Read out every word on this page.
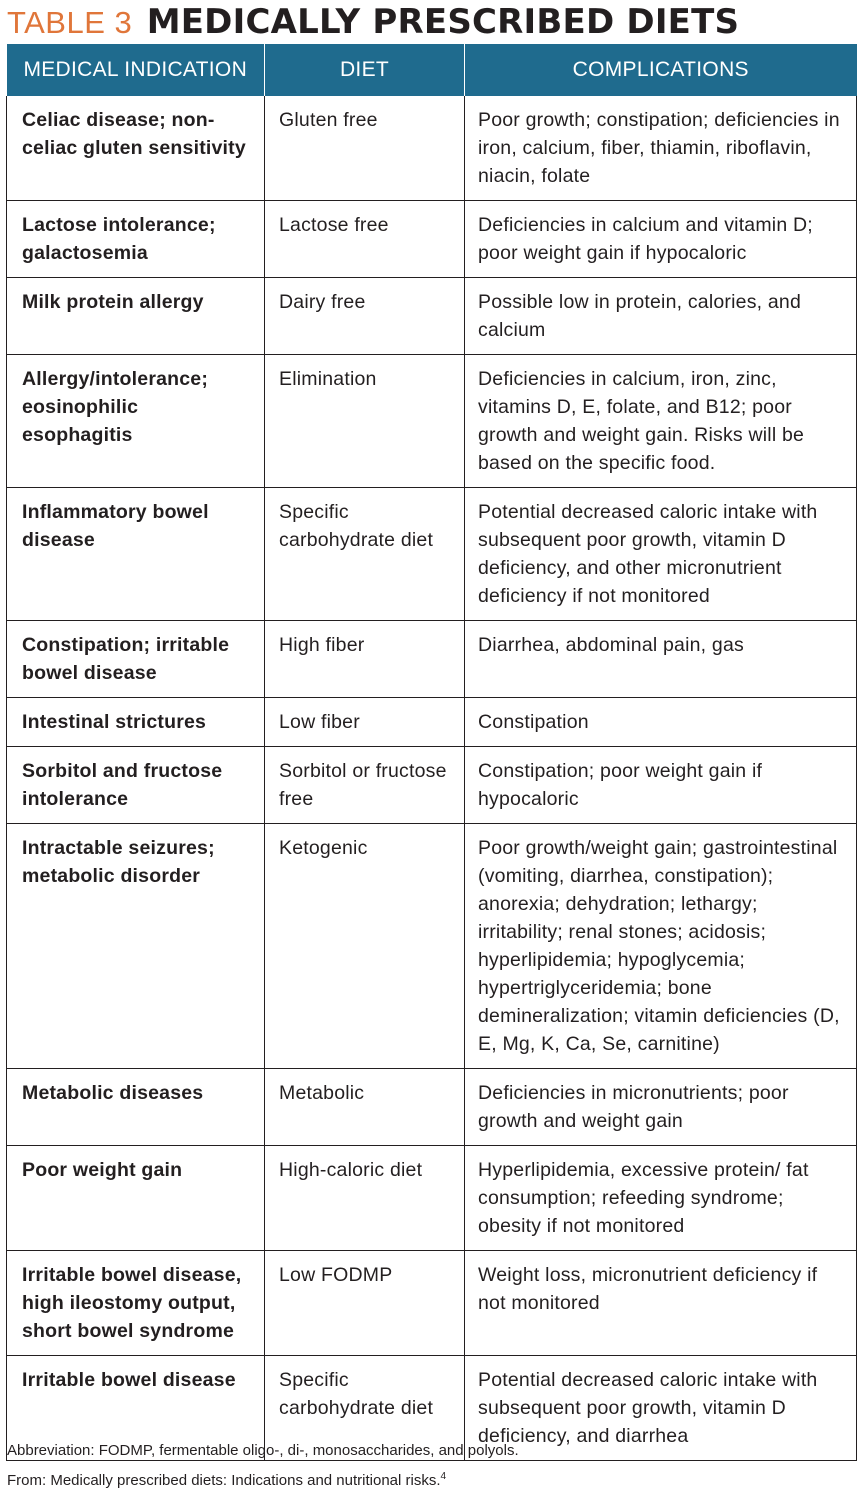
TABLE 3 MEDICALLY PRESCRIBED DIETS
MEDICAL INDICATION	DIET	COMPLICATIONS
Celiac disease; non-celiac gluten sensitivity	Gluten free	Poor growth; constipation; deficiencies in iron, calcium, fiber, thiamin, riboflavin, niacin, folate
Lactose intolerance; galactosemia	Lactose free	Deficiencies in calcium and vitamin D; poor weight gain if hypocaloric
Milk protein allergy	Dairy free	Possible low in protein, calories, and calcium
Allergy/intolerance; eosinophilic esophagitis	Elimination	Deficiencies in calcium, iron, zinc, vitamins D, E, folate, and B12; poor growth and weight gain. Risks will be based on the specific food.
Inflammatory bowel disease	Specific carbohydrate diet	Potential decreased caloric intake with subsequent poor growth, vitamin D deficiency, and other micronutrient deficiency if not monitored
Constipation; irritable bowel disease	High fiber	Diarrhea, abdominal pain, gas
Intestinal strictures	Low fiber	Constipation
Sorbitol and fructose intolerance	Sorbitol or fructose free	Constipation; poor weight gain if hypocaloric
Intractable seizures; metabolic disorder	Ketogenic	Poor growth/weight gain; gastrointestinal (vomiting, diarrhea, constipation); anorexia; dehydration; lethargy; irritability; renal stones; acidosis; hyperlipidemia; hypoglycemia; hypertriglyceridemia; bone demineralization; vitamin deficiencies (D, E, Mg, K, Ca, Se, carnitine)
Metabolic diseases	Metabolic	Deficiencies in micronutrients; poor growth and weight gain
Poor weight gain	High-caloric diet	Hyperlipidemia, excessive protein/ fat consumption; refeeding syndrome; obesity if not monitored
Irritable bowel disease, high ileostomy output, short bowel syndrome	Low FODMP	Weight loss, micronutrient deficiency if not monitored
Irritable bowel disease	Specific carbohydrate diet	Potential decreased caloric intake with subsequent poor growth, vitamin D deficiency, and diarrhea
Abbreviation: FODMP, fermentable oligo-, di-, monosaccharides, and polyols.
From: Medically prescribed diets: Indications and nutritional risks.$^4$
